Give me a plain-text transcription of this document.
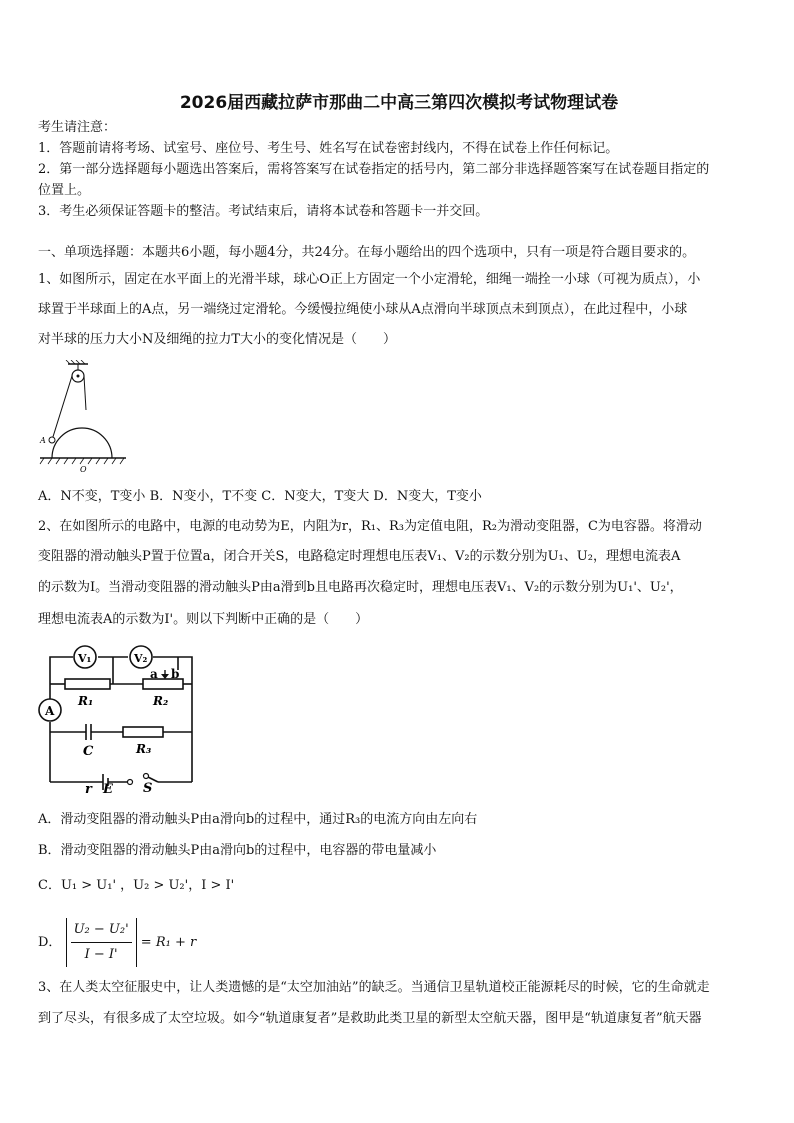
2026届西藏拉萨市那曲二中高三第四次模拟考试物理试卷
考生请注意：
1．答题前请将考场、试室号、座位号、考生号、姓名写在试卷密封线内，不得在试卷上作任何标记。
2．第一部分选择题每小题选出答案后，需将答案写在试卷指定的括号内，第二部分非选择题答案写在试卷题目指定的
位置上。
3．考生必须保证答题卡的整洁。考试结束后，请将本试卷和答题卡一并交回。
一、单项选择题：本题共6小题，每小题4分，共24分。在每小题给出的四个选项中，只有一项是符合题目要求的。
1、如图所示，固定在水平面上的光滑半球，球心O正上方固定一个小定滑轮，细绳一端拴一小球（可视为质点），小
球置于半球面上的A点，另一端绕过定滑轮。今缓慢拉绳使小球从A点滑向半球顶点未到顶点），在此过程中，小球
对半球的压力大小N及细绳的拉力T大小的变化情况是（　　）
A
O
A．N不变，T变小 B．N变小，T不变 C．N变大，T变大 D．N变大，T变小
2、在如图所示的电路中，电源的电动势为E，内阻为r，R₁、R₃为定值电阻，R₂为滑动变阻器，C为电容器。将滑动
变阻器的滑动触头P置于位置a，闭合开关S，电路稳定时理想电压表V₁、V₂的示数分别为U₁、U₂，理想电流表A
的示数为I。当滑动变阻器的滑动触头P由a滑到b且电路再次稳定时，理想电压表V₁、V₂的示数分别为U₁'、U₂'，
理想电流表A的示数为I'。则以下判断中正确的是（　　）
V₁	V₂
A
a b
R₁	R₂
C	R₃
r E S
A．滑动变阻器的滑动触头P由a滑向b的过程中，通过R₃的电流方向由左向右
B．滑动变阻器的滑动触头P由a滑向b的过程中，电容器的带电量减小
C．U₁ > U₁' ，U₂ > U₂'，I > I'
D． $\frac{\text{U₂ − U₂'}}{I - I'} = R_1 + r$
3、在人类太空征服史中，让人类遗憾的是“太空加油站”的缺乏。当通信卫星轨道校正能源耗尽的时候，它的生命就走
到了尽头，有很多成了太空垃圾。如今“轨道康复者”是救助此类卫星的新型太空航天器，图甲是“轨道康复者”航天器
